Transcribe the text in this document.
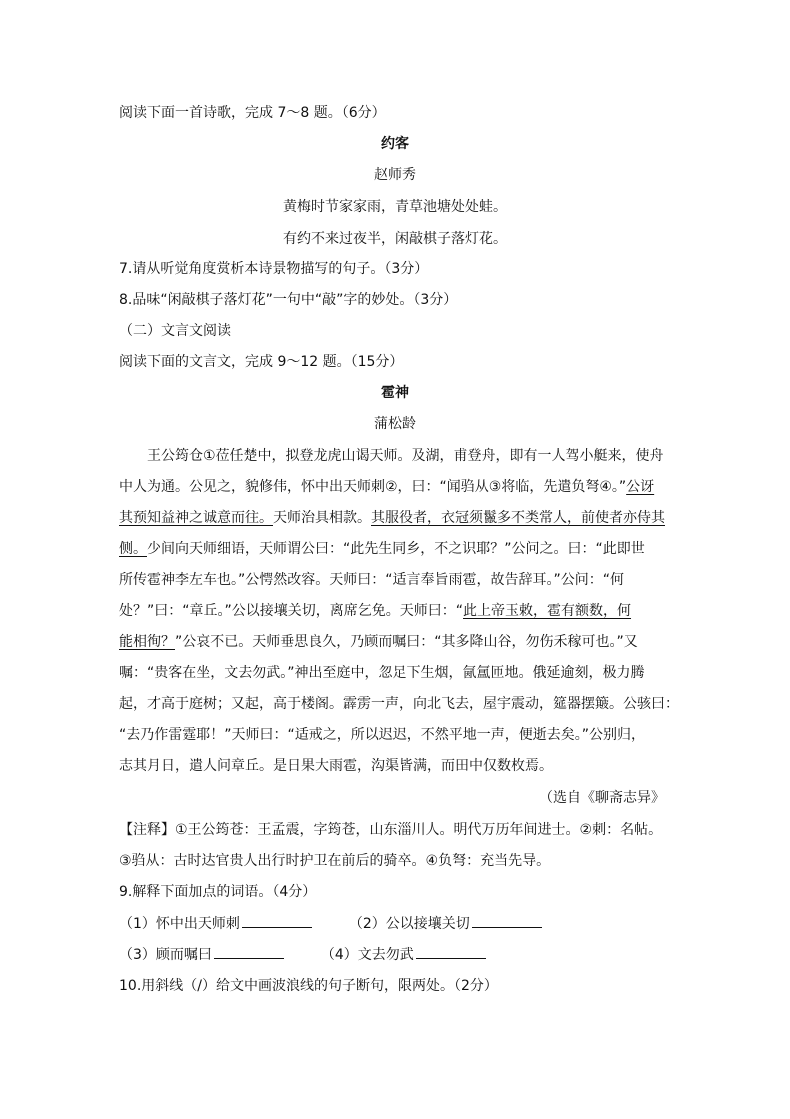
阅读下面一首诗歌，完成 7～8 题。（6分）
约客
赵师秀
黄梅时节家家雨，青草池塘处处蛙。
有约不来过夜半，闲敲棋子落灯花。
7.请从听觉角度赏析本诗景物描写的句子。（3分）
8.品味“闲敲棋子落灯花”一句中“敲”字的妙处。（3分）
（二）文言文阅读
阅读下面的文言文，完成 9～12 题。（15分）
雹神
蒲松龄
王公筠仓①莅任楚中，拟登龙虎山谒天师。及湖，甫登舟，即有一人驾小艇来，使舟
中人为通。公见之，貌修伟，怀中出天师刺②，曰：“闻驺从③将临，先遣负弩④。”公讶
其预知益神之诚意而往。天师治具相款。其服役者，衣冠须鬣多不类常人，前使者亦侍其
侧。少间向天师细语，天师谓公曰：“此先生同乡，不之识耶？”公问之。曰：“此即世
所传雹神李左车也。”公愕然改容。天师曰：“适言奉旨雨雹，故告辞耳。”公问：“何
处？”曰：“章丘。”公以接壤关切，离席乞免。天师曰：“此上帝玉敕，雹有额数，何
能相徇？”公哀不已。天师垂思良久，乃顾而嘱曰：“其多降山谷，勿伤禾稼可也。”又
嘱：“贵客在坐，文去勿武。”神出至庭中，忽足下生烟，氤氲匝地。俄延逾刻，极力腾
起，才高于庭树；又起，高于楼阁。霹雳一声，向北飞去，屋宇震动，筵器摆簸。公骇曰：
“去乃作雷霆耶！”天师曰：“适戒之，所以迟迟，不然平地一声，便逝去矣。”公别归，
志其月日，遣人问章丘。是日果大雨雹，沟渠皆满，而田中仅数枚焉。
（选自《聊斋志异》
【注释】①王公筠苍：王孟震，字筠苍，山东淄川人。明代万历年间进士。②刺：名帖。
③驺从：古时达官贵人出行时护卫在前后的骑卒。④负弩：充当先导。
9.解释下面加点的词语。（4分）
（1）怀中出天师刺	（2）公以接壤关切
（3）顾而嘱曰	（4）文去勿武
10.用斜线（/）给文中画波浪线的句子断句，限两处。（2分）
